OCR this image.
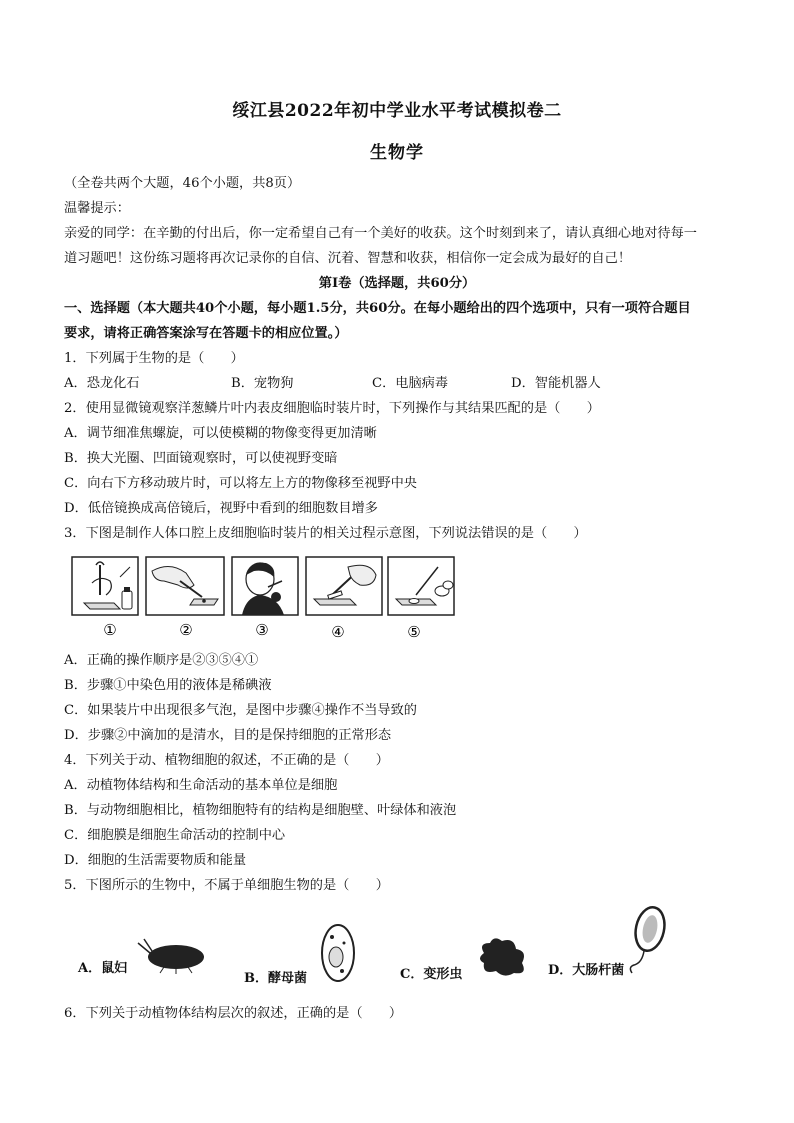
绥江县2022年初中学业水平考试模拟卷二
生物学
（全卷共两个大题，46个小题，共8页）
温馨提示：
亲爱的同学：在辛勤的付出后，你一定希望自己有一个美好的收获。这个时刻到来了，请认真细心地对待每一
道习题吧！这份练习题将再次记录你的自信、沉着、智慧和收获，相信你一定会成为最好的自己！
第Ⅰ卷（选择题，共60分）
一、选择题（本大题共40个小题，每小题1.5分，共60分。在每小题给出的四个选项中，只有一项符合题目
要求，请将正确答案涂写在答题卡的相应位置。）
1．下列属于生物的是（　　）
A．恐龙化石	B．宠物狗	C．电脑病毒	D．智能机器人
2．使用显微镜观察洋葱鳞片叶内表皮细胞临时装片时，下列操作与其结果匹配的是（　　）
A．调节细准焦螺旋，可以使模糊的物像变得更加清晰
B．换大光圈、凹面镜观察时，可以使视野变暗
C．向右下方移动玻片时，可以将左上方的物像移至视野中央
D．低倍镜换成高倍镜后，视野中看到的细胞数目增多
3．下图是制作人体口腔上皮细胞临时装片的相关过程示意图，下列说法错误的是（　　）
①	②	③	④	⑤
A．正确的操作顺序是②③⑤④①
B．步骤①中染色用的液体是稀碘液
C．如果装片中出现很多气泡，是图中步骤④操作不当导致的
D．步骤②中滴加的是清水，目的是保持细胞的正常形态
4．下列关于动、植物细胞的叙述，不正确的是（　　）
A．动植物体结构和生命活动的基本单位是细胞
B．与动物细胞相比，植物细胞特有的结构是细胞壁、叶绿体和液泡
C．细胞膜是细胞生命活动的控制中心
D．细胞的生活需要物质和能量
5．下图所示的生物中，不属于单细胞生物的是（　　）
A．鼠妇
B．酵母菌	C．变形虫	D．大肠杆菌
6．下列关于动植物体结构层次的叙述，正确的是（　　）
